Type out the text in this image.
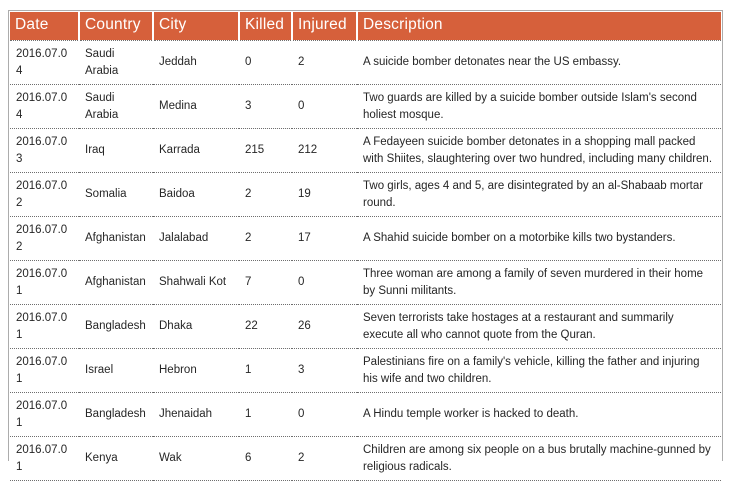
Date	Country	City	Killed	Injured	Description
2016.07.04	Saudi Arabia	Jeddah	0	2	A suicide bomber detonates near the US embassy.
2016.07.04	Saudi Arabia	Medina	3	0	Two guards are killed by a suicide bomber outside Islam's second holiest mosque.
2016.07.03	Iraq	Karrada	215	212	A Fedayeen suicide bomber detonates in a shopping mall packed with Shiites, slaughtering over two hundred, including many children.
2016.07.02	Somalia	Baidoa	2	19	Two girls, ages 4 and 5, are disintegrated by an al-Shabaab mortar round.
2016.07.02	Afghanistan	Jalalabad	2	17	A Shahid suicide bomber on a motorbike kills two bystanders.
2016.07.01	Afghanistan	Shahwali Kot	7	0	Three woman are among a family of seven murdered in their home by Sunni militants.
2016.07.01	Bangladesh	Dhaka	22	26	Seven terrorists take hostages at a restaurant and summarily execute all who cannot quote from the Quran.
2016.07.01	Israel	Hebron	1	3	Palestinians fire on a family's vehicle, killing the father and injuring his wife and two children.
2016.07.01	Bangladesh	Jhenaidah	1	0	A Hindu temple worker is hacked to death.
2016.07.01	Kenya	Wak	6	2	Children are among six people on a bus brutally machine-gunned by religious radicals.
